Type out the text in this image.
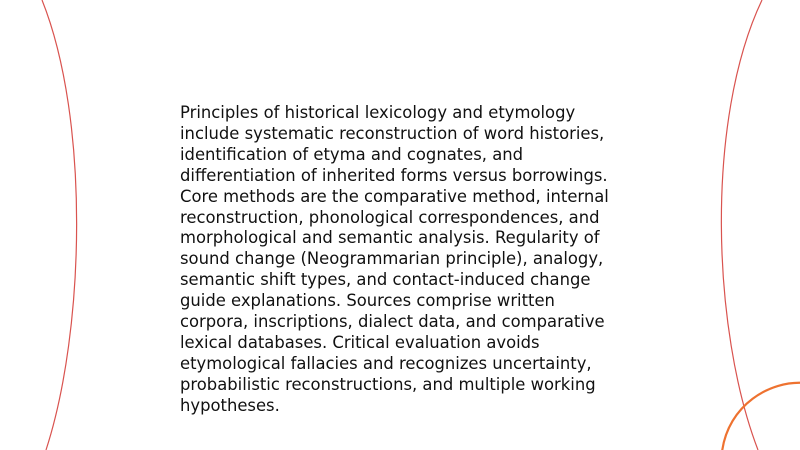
Principles of historical lexicology and etymology include systematic reconstruction of word histories, identification of etyma and cognates, and differentiation of inherited forms versus borrowings. Core methods are the comparative method, internal reconstruction, phonological correspondences, and morphological and semantic analysis. Regularity of sound change (Neogrammarian principle), analogy, semantic shift types, and contact-induced change guide explanations. Sources comprise written corpora, inscriptions, dialect data, and comparative lexical databases. Critical evaluation avoids etymological fallacies and recognizes uncertainty, probabilistic reconstructions, and multiple working hypotheses.
